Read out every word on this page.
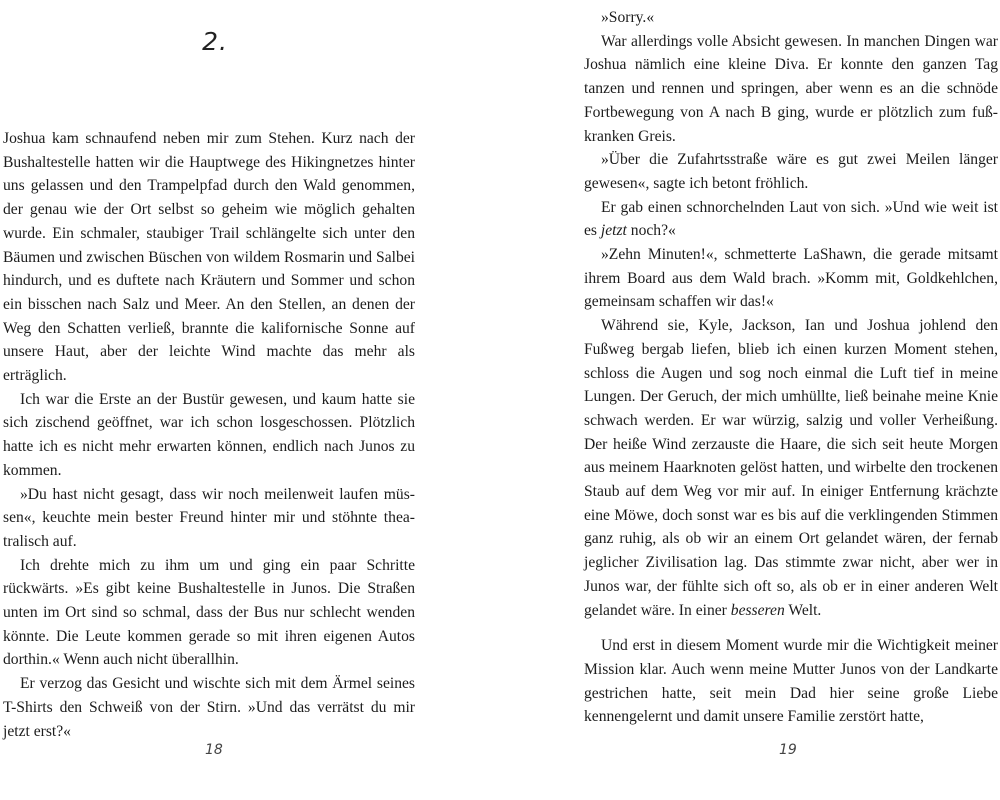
2.

Joshua kam schnaufend neben mir zum Stehen. Kurz nach der Bushaltestelle hatten wir die Hauptwege des Hikingnetzes hinter uns gelassen und den Trampelpfad durch den Wald genommen, der genau wie der Ort selbst so geheim wie möglich gehalten wurde. Ein schmaler, staubiger Trail schlängelte sich unter den Bäumen und zwischen Büschen von wildem Rosmarin und Salbei hindurch, und es duftete nach Kräutern und Sommer und schon ein bisschen nach Salz und Meer. An den Stellen, an denen der Weg den Schatten verließ, brannte die kalifornische Sonne auf unsere Haut, aber der leichte Wind machte das mehr als erträglich.

Ich war die Erste an der Bustür gewesen, und kaum hatte sie sich zischend geöffnet, war ich schon losgeschossen. Plötzlich hatte ich es nicht mehr erwarten können, endlich nach Junos zu kommen.

»Du hast nicht gesagt, dass wir noch meilenweit laufen müssen«, keuchte mein bester Freund hinter mir und stöhnte theatralisch auf.

Ich drehte mich zu ihm um und ging ein paar Schritte rückwärts. »Es gibt keine Bushaltestelle in Junos. Die Straßen unten im Ort sind so schmal, dass der Bus nur schlecht wenden könnte. Die Leute kommen gerade so mit ihren eigenen Autos dorthin.« Wenn auch nicht überallhin.

Er verzog das Gesicht und wischte sich mit dem Ärmel seines T-Shirts den Schweiß von der Stirn. »Und das verrätst du mir jetzt erst?«

18

»Sorry.«

War allerdings volle Absicht gewesen. In manchen Dingen war Joshua nämlich eine kleine Diva. Er konnte den ganzen Tag tanzen und rennen und springen, aber wenn es an die schnöde Fortbewegung von A nach B ging, wurde er plötzlich zum fußkranken Greis.

»Über die Zufahrtsstraße wäre es gut zwei Meilen länger gewesen«, sagte ich betont fröhlich.

Er gab einen schnorchelnden Laut von sich. »Und wie weit ist es jetzt noch?«

»Zehn Minuten!«, schmetterte LaShawn, die gerade mitsamt ihrem Board aus dem Wald brach. »Komm mit, Goldkehlchen, gemeinsam schaffen wir das!«

Während sie, Kyle, Jackson, Ian und Joshua johlend den Fußweg bergab liefen, blieb ich einen kurzen Moment stehen, schloss die Augen und sog noch einmal die Luft tief in meine Lungen. Der Geruch, der mich umhüllte, ließ beinahe meine Knie schwach werden. Er war würzig, salzig und voller Verheißung. Der heiße Wind zerzauste die Haare, die sich seit heute Morgen aus meinem Haarknoten gelöst hatten, und wirbelte den trockenen Staub auf dem Weg vor mir auf. In einiger Entfernung krächzte eine Möwe, doch sonst war es bis auf die verklingenden Stimmen ganz ruhig, als ob wir an einem Ort gelandet wären, der fernab jeglicher Zivilisation lag. Das stimmte zwar nicht, aber wer in Junos war, der fühlte sich oft so, als ob er in einer anderen Welt gelandet wäre. In einer besseren Welt.

Und erst in diesem Moment wurde mir die Wichtigkeit meiner Mission klar. Auch wenn meine Mutter Junos von der Landkarte gestrichen hatte, seit mein Dad hier seine große Liebe kennengelernt und damit unsere Familie zerstört hatte,

19
